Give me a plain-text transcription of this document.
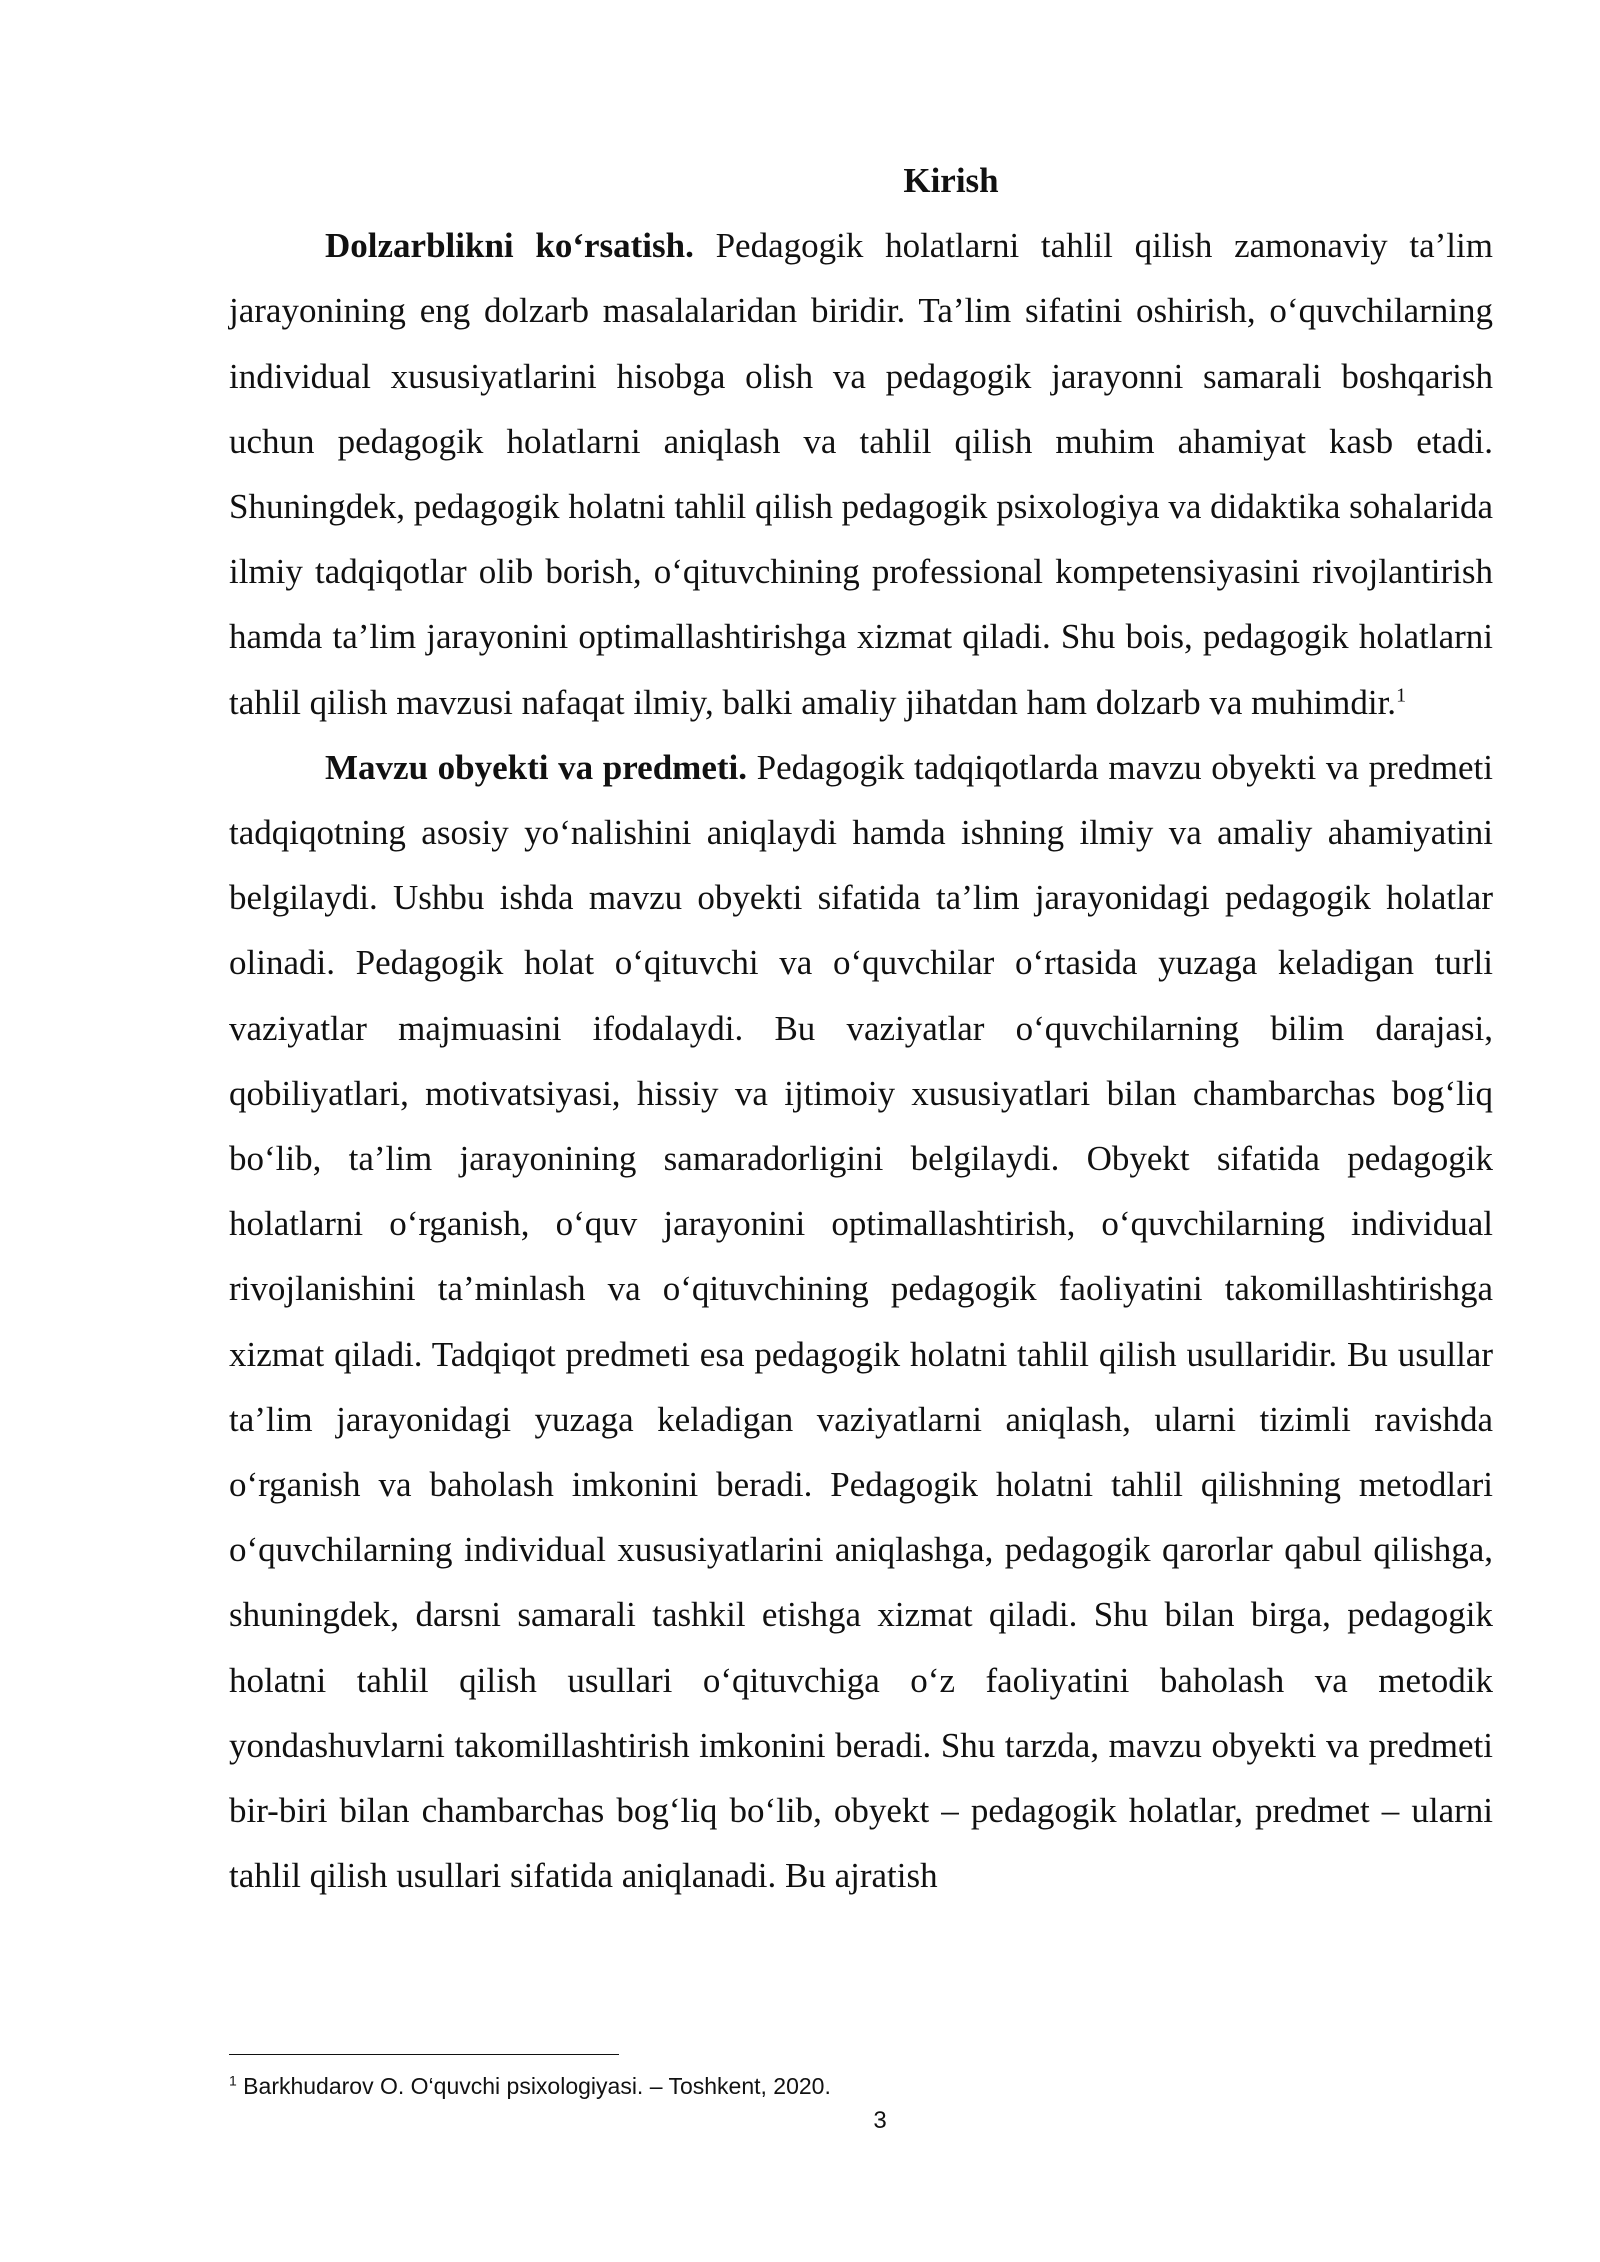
Kirish

Dolzarblikni ko‘rsatish. Pedagogik holatlarni tahlil qilish zamonaviy ta’lim jarayonining eng dolzarb masalalaridan biridir. Ta’lim sifatini oshirish, o‘quvchilarning individual xususiyatlarini hisobga olish va pedagogik jarayonni samarali boshqarish uchun pedagogik holatlarni aniqlash va tahlil qilish muhim ahamiyat kasb etadi. Shuningdek, pedagogik holatni tahlil qilish pedagogik psixologiya va didaktika sohalarida ilmiy tadqiqotlar olib borish, o‘qituvchining professional kompetensiyasini rivojlantirish hamda ta’lim jarayonini optimallashtirishga xizmat qiladi. Shu bois, pedagogik holatlarni tahlil qilish mavzusi nafaqat ilmiy, balki amaliy jihatdan ham dolzarb va muhimdir.$^1$

Mavzu obyekti va predmeti. Pedagogik tadqiqotlarda mavzu obyekti va predmeti tadqiqotning asosiy yo‘nalishini aniqlaydi hamda ishning ilmiy va amaliy ahamiyatini belgilaydi. Ushbu ishda mavzu obyekti sifatida ta’lim jarayonidagi pedagogik holatlar olinadi. Pedagogik holat o‘qituvchi va o‘quvchilar o‘rtasida yuzaga keladigan turli vaziyatlar majmuasini ifodalaydi. Bu vaziyatlar o‘quvchilarning bilim darajasi, qobiliyatlari, motivatsiyasi, hissiy va ijtimoiy xususiyatlari bilan chambarchas bog‘liq bo‘lib, ta’lim jarayonining samaradorligini belgilaydi. Obyekt sifatida pedagogik holatlarni o‘rganish, o‘quv jarayonini optimallashtirish, o‘quvchilarning individual rivojlanishini ta’minlash va o‘qituvchining pedagogik faoliyatini takomillashtirishga xizmat qiladi. Tadqiqot predmeti esa pedagogik holatni tahlil qilish usullaridir. Bu usullar ta’lim jarayonidagi yuzaga keladigan vaziyatlarni aniqlash, ularni tizimli ravishda o‘rganish va baholash imkonini beradi. Pedagogik holatni tahlil qilishning metodlari o‘quvchilarning individual xususiyatlarini aniqlashga, pedagogik qarorlar qabul qilishga, shuningdek, darsni samarali tashkil etishga xizmat qiladi. Shu bilan birga, pedagogik holatni tahlil qilish usullari o‘qituvchiga o‘z faoliyatini baholash va metodik yondashuvlarni takomillashtirish imkonini beradi. Shu tarzda, mavzu obyekti va predmeti bir-biri bilan chambarchas bog‘liq bo‘lib, obyekt – pedagogik holatlar, predmet – ularni tahlil qilish usullari sifatida aniqlanadi. Bu ajratish

$^1$ Barkhudarov O. O‘quvchi psixologiyasi. – Toshkent, 2020.
3
